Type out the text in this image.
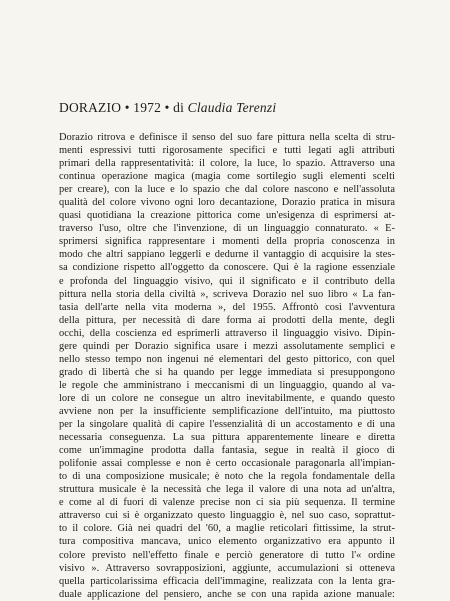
DORAZIO • 1972 • di Claudia Terenzi
Dorazio ritrova e definisce il senso del suo fare pittura nella scelta di stru-
menti espressivi tutti rigorosamente specifici e tutti legati agli attributi
primari della rappresentatività: il colore, la luce, lo spazio. Attraverso una
continua operazione magica (magia come sortilegio sugli elementi scelti
per creare), con la luce e lo spazio che dal colore nascono e nell'assoluta
qualità del colore vivono ogni loro decantazione, Dorazio pratica in misura
quasi quotidiana la creazione pittorica come un'esigenza di esprimersi at-
traverso l'uso, oltre che l'invenzione, di un linguaggio connaturato. « E-
sprimersi significa rappresentare i momenti della propria conoscenza in
modo che altri sappiano leggerli e dedurne il vantaggio di acquisire la stes-
sa condizione rispetto all'oggetto da conoscere. Qui è la ragione essenziale
e profonda del linguaggio visivo, qui il significato e il contributo della
pittura nella storia della civiltà », scriveva Dorazio nel suo libro « La fan-
tasia dell'arte nella vita moderna », del 1955. Affrontò così l'avventura
della pittura, per necessità di dare forma ai prodotti della mente, degli
occhi, della coscienza ed esprimerli attraverso il linguaggio visivo. Dipin-
gere quindi per Dorazio significa usare i mezzi assolutamente semplici e
nello stesso tempo non ingenui né elementari del gesto pittorico, con quel
grado di libertà che si ha quando per legge immediata si presuppongono
le regole che amministrano i meccanismi di un linguaggio, quando al va-
lore di un colore ne consegue un altro inevitabilmente, e quando questo
avviene non per la insufficiente semplificazione dell'intuito, ma piuttosto
per la singolare qualità di capire l'essenzialità di un accostamento e di una
necessaria conseguenza. La sua pittura apparentemente lineare e diretta
come un'immagine prodotta dalla fantasia, segue in realtà il gioco di
polifonie assai complesse e non è certo occasionale paragonarla all'impian-
to di una composizione musicale; è noto che la regola fondamentale della
struttura musicale è la necessità che lega il valore di una nota ad un'altra,
e come al di fuori di valenze precise non ci sia più sequenza. Il termine
attraverso cui si è organizzato questo linguaggio è, nel suo caso, soprattut-
to il colore. Già nei quadri del '60, a maglie reticolari fittissime, la strut-
tura compositiva mancava, unico elemento organizzativo era appunto il
colore previsto nell'effetto finale e perciò generatore di tutto l'« ordine
visivo ». Attraverso sovrapposizioni, aggiunte, accumulazioni si otteneva
quella particolarissima efficacia dell'immagine, realizzata con la lenta gra-
duale applicazione del pensiero, anche se con una rapida azione manuale:
